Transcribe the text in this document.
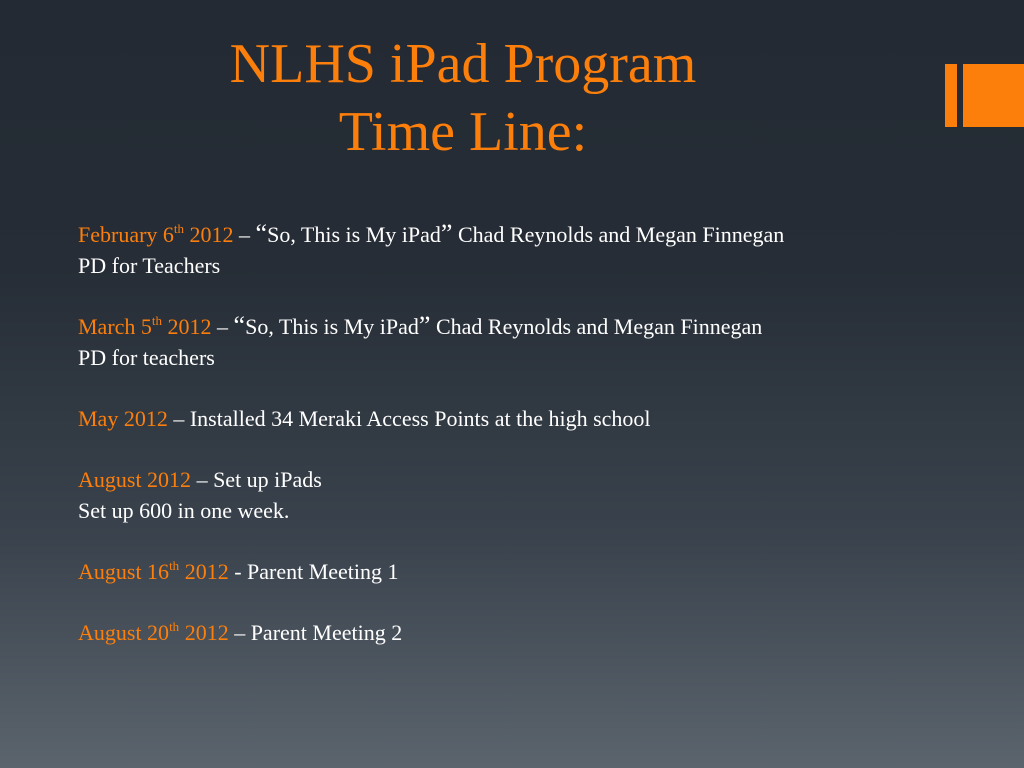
NLHS iPad Program
Time Line:
February 6th 2012 – “So, This is My iPad” Chad Reynolds and Megan Finnegan
PD for Teachers
March 5th 2012 – “So, This is My iPad” Chad Reynolds and Megan Finnegan
PD for teachers
May 2012 – Installed 34 Meraki Access Points at the high school
August 2012 – Set up iPads
Set up 600 in one week.
August 16th 2012 - Parent Meeting 1
August 20th 2012 – Parent Meeting 2
